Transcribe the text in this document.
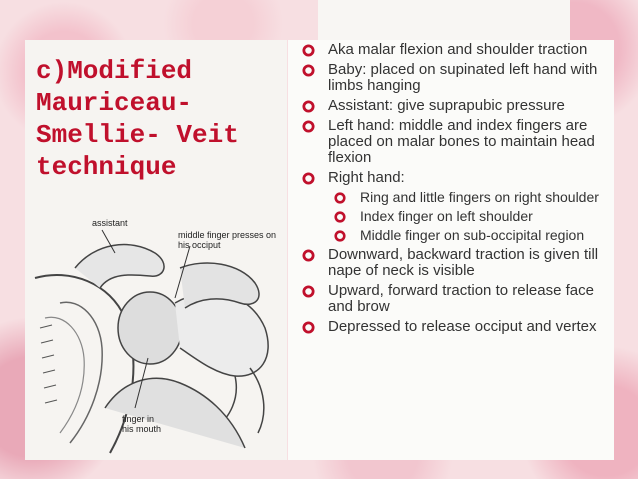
c)Modified
Mauriceau-
Smellie- Veit
technique
assistant
middle finger presses on his occiput
finger in his mouth
Aka malar flexion and shoulder traction
Baby: placed on supinated left hand with limbs hanging
Assistant: give suprapubic pressure
Left hand: middle and index fingers are placed on malar bones to maintain head flexion
Right hand:
Ring and little fingers on right shoulder
Index finger on left shoulder
Middle finger on sub-occipital region
Downward, backward traction is given till nape of neck is visible
Upward, forward traction to release face and brow
Depressed to release occiput and vertex
